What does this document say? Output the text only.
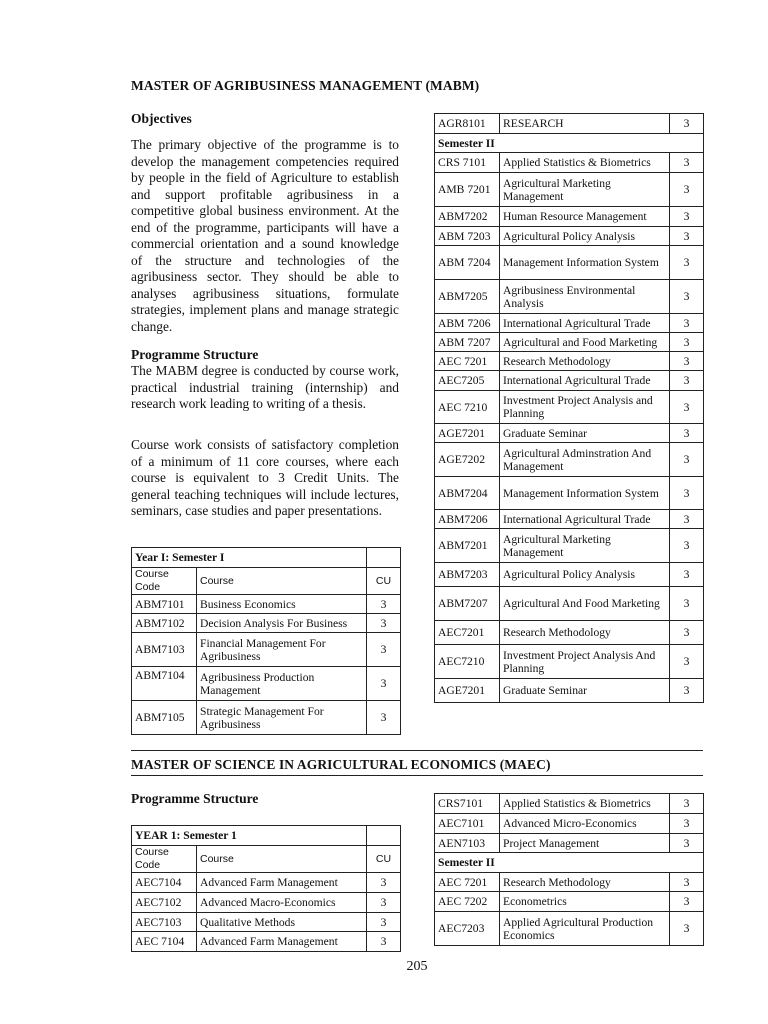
MASTER OF AGRIBUSINESS MANAGEMENT (MABM)
Objectives

The primary objective of the programme is to develop the management competencies required by people in the field of Agriculture to establish and support profitable agribusiness in a competitive global business environment. At the end of the programme, participants will have a commercial orientation and a sound knowledge of the structure and technologies of the agribusiness sector. They should be able to analyses agribusiness situations, formulate strategies, implement plans and manage strategic change.

Programme Structure

The MABM degree is conducted by course work, practical industrial training (internship) and research work leading to writing of a thesis.

Course work consists of satisfactory completion of a minimum of 11 core courses, where each course is equivalent to 3 Credit Units. The general teaching techniques will include lectures, seminars, case studies and paper presentations.

Year I: Semester I		
Course Code	Course	CU
ABM7101	Business Economics	3
ABM7102	Decision Analysis For Business	3
ABM7103	Financial Management For Agribusiness	3
ABM7104	Agribusiness Production Management	3
ABM7105	Strategic Management For Agribusiness	3
AGR8101	RESEARCH	3
Semester II		
CRS 7101	Applied Statistics & Biometrics	3
AMB 7201	Agricultural Marketing Management	3
ABM7202	Human Resource Management	3
ABM 7203	Agricultural Policy Analysis	3
ABM 7204	Management Information System	3
ABM7205	Agribusiness Environmental Analysis	3
ABM 7206	International Agricultural Trade	3
ABM 7207	Agricultural and Food Marketing	3
AEC 7201	Research Methodology	3
AEC7205	International Agricultural Trade	3
AEC 7210	Investment Project Analysis and Planning	3
AGE7201	Graduate Seminar	3
AGE7202	Agricultural Adminstration And Management	3
ABM7204	Management Information System	3
ABM7206	International Agricultural Trade	3
ABM7201	Agricultural Marketing Management	3
ABM7203	Agricultural Policy Analysis	3
ABM7207	Agricultural And Food Marketing	3
AEC7201	Research Methodology	3
AEC7210	Investment Project Analysis And Planning	3
AGE7201	Graduate Seminar	3
MASTER OF SCIENCE IN AGRICULTURAL ECONOMICS (MAEC)
Programme Structure
YEAR 1: Semester 1		
Course Code	Course	CU
AEC7104	Advanced Farm Management	3
AEC7102	Advanced Macro-Economics	3
AEC7103	Qualitative Methods	3
AEC 7104	Advanced Farm Management	3
CRS7101	Applied Statistics & Biometrics	3
AEC7101	Advanced Micro-Economics	3
AEN7103	Project Management	3
Semester II		
AEC 7201	Research Methodology	3
AEC 7202	Econometrics	3
AEC7203	Applied Agricultural Production Economics	3
205
